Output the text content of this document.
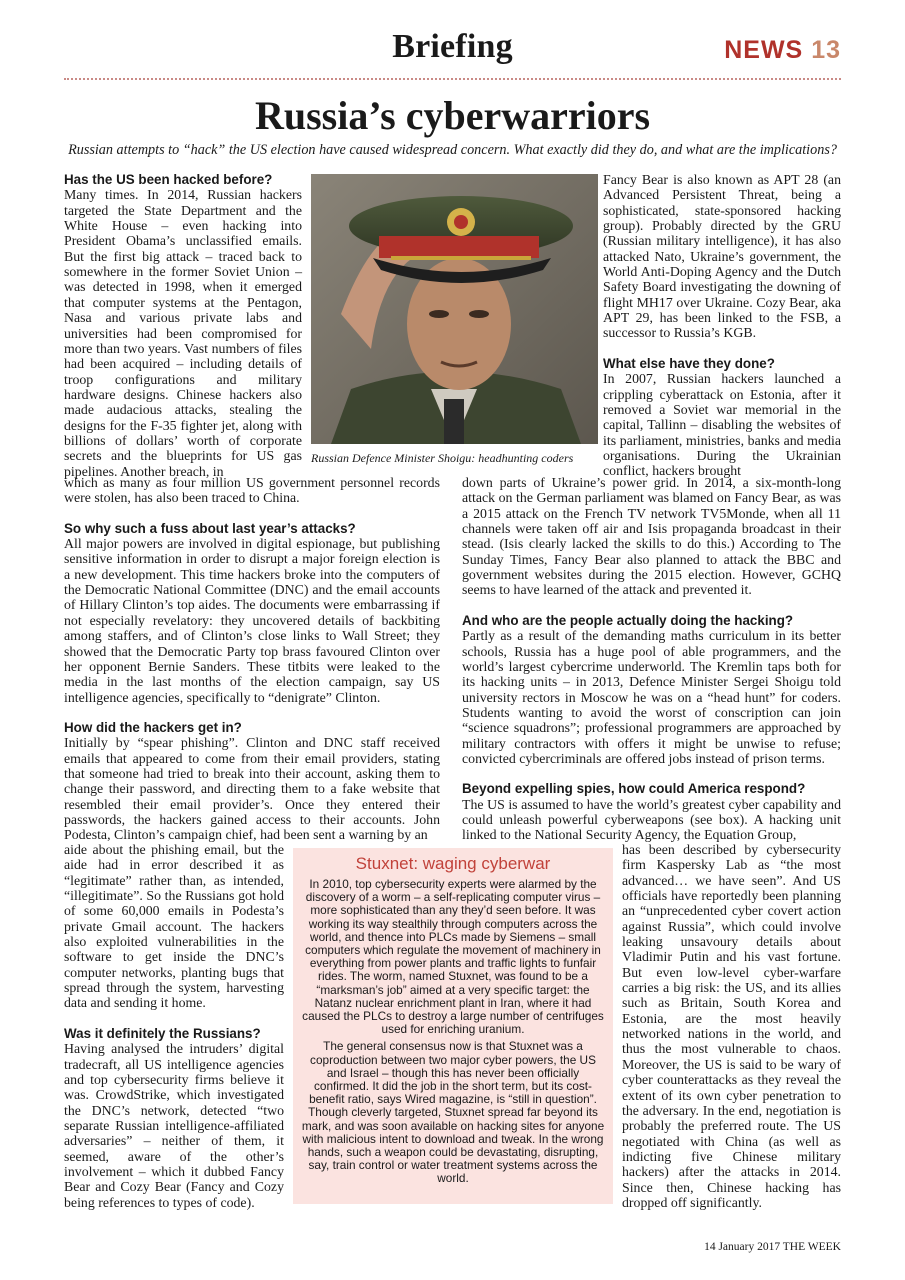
Briefing	NEWS 13
Russia’s cyberwarriors
Russian attempts to “hack” the US election have caused widespread concern. What exactly did they do, and what are the implications?

Has the US been hacked before?

Many times. In 2014, Russian hackers targeted the State Department and the White House – even hacking into President Obama’s unclassified emails. But the first big attack – traced back to somewhere in the former Soviet Union – was detected in 1998, when it emerged that computer systems at the Pentagon, Nasa and various private labs and universities had been compromised for more than two years. Vast numbers of files had been acquired – including details of troop configurations and military hardware designs. Chinese hackers also made audacious attacks, stealing the designs for the F-35 fighter jet, along with billions of dollars’ worth of corporate secrets and the blueprints for US gas pipelines. Another breach, in

Russian Defence Minister Shoigu: headhunting coders

Fancy Bear is also known as APT 28 (an Advanced Persistent Threat, being a sophisticated, state-sponsored hacking group). Probably directed by the GRU (Russian military intelligence), it has also attacked Nato, Ukraine’s government, the World Anti-Doping Agency and the Dutch Safety Board investigating the downing of flight MH17 over Ukraine. Cozy Bear, aka APT 29, has been linked to the FSB, a successor to Russia’s KGB.

What else have they done?

In 2007, Russian hackers launched a crippling cyberattack on Estonia, after it removed a Soviet war memorial in the capital, Tallinn – disabling the websites of its parliament, ministries, banks and media organisations. During the Ukrainian conflict, hackers brought

which as many as four million US government personnel records were stolen, has also been traced to China.

So why such a fuss about last year’s attacks?

All major powers are involved in digital espionage, but publishing sensitive information in order to disrupt a major foreign election is a new development. This time hackers broke into the computers of the Democratic National Committee (DNC) and the email accounts of Hillary Clinton’s top aides. The documents were embarrassing if not especially revelatory: they uncovered details of backbiting among staffers, and of Clinton’s close links to Wall Street; they showed that the Democratic Party top brass favoured Clinton over her opponent Bernie Sanders. These titbits were leaked to the media in the last months of the election campaign, say US intelligence agencies, specifically to “denigrate” Clinton.

How did the hackers get in?

Initially by “spear phishing”. Clinton and DNC staff received emails that appeared to come from their email providers, stating that someone had tried to break into their account, asking them to change their password, and directing them to a fake website that resembled their email provider’s. Once they entered their passwords, the hackers gained access to their accounts. John Podesta, Clinton’s campaign chief, had been sent a warning by an

down parts of Ukraine’s power grid. In 2014, a six-month-long attack on the German parliament was blamed on Fancy Bear, as was a 2015 attack on the French TV network TV5Monde, when all 11 channels were taken off air and Isis propaganda broadcast in their stead. (Isis clearly lacked the skills to do this.) According to The Sunday Times, Fancy Bear also planned to attack the BBC and government websites during the 2015 election. However, GCHQ seems to have learned of the attack and prevented it.

And who are the people actually doing the hacking?

Partly as a result of the demanding maths curriculum in its better schools, Russia has a huge pool of able programmers, and the world’s largest cybercrime underworld. The Kremlin taps both for its hacking units – in 2013, Defence Minister Sergei Shoigu told university rectors in Moscow he was on a “head hunt” for coders. Students wanting to avoid the worst of conscription can join “science squadrons”; professional programmers are approached by military contractors with offers it might be unwise to refuse; convicted cybercriminals are offered jobs instead of prison terms.

Beyond expelling spies, how could America respond?

The US is assumed to have the world’s greatest cyber capability and could unleash powerful cyberweapons (see box). A hacking unit linked to the National Security Agency, the Equation Group,

aide about the phishing email, but the aide had in error described it as “legitimate” rather than, as intended, “illegitimate”. So the Russians got hold of some 60,000 emails in Podesta’s private Gmail account. The hackers also exploited vulnerabilities in the software to get inside the DNC’s computer networks, planting bugs that spread through the system, harvesting data and sending it home.

Was it definitely the Russians?

Having analysed the intruders’ digital tradecraft, all US intelligence agencies and top cybersecurity firms believe it was. CrowdStrike, which investigated the DNC’s network, detected “two separate Russian intelligence-affiliated adversaries” – neither of them, it seemed, aware of the other’s involvement – which it dubbed Fancy Bear and Cozy Bear (Fancy and Cozy being references to types of code).

Stuxnet: waging cyberwar

In 2010, top cybersecurity experts were alarmed by the discovery of a worm – a self-replicating computer virus – more sophisticated than any they’d seen before. It was working its way stealthily through computers across the world, and thence into PLCs made by Siemens – small computers which regulate the movement of machinery in everything from power plants and traffic lights to funfair rides. The worm, named Stuxnet, was found to be a “marksman’s job” aimed at a very specific target: the Natanz nuclear enrichment plant in Iran, where it had caused the PLCs to destroy a large number of centrifuges used for enriching uranium.

The general consensus now is that Stuxnet was a coproduction between two major cyber powers, the US and Israel – though this has never been officially confirmed. It did the job in the short term, but its cost-benefit ratio, says Wired magazine, is “still in question”. Though cleverly targeted, Stuxnet spread far beyond its mark, and was soon available on hacking sites for anyone with malicious intent to download and tweak. In the wrong hands, such a weapon could be devastating, disrupting, say, train control or water treatment systems across the world.

has been described by cybersecurity firm Kaspersky Lab as “the most advanced… we have seen”. And US officials have reportedly been planning an “unprecedented cyber covert action against Russia”, which could involve leaking unsavoury details about Vladimir Putin and his vast fortune. But even low-level cyber-warfare carries a big risk: the US, and its allies such as Britain, South Korea and Estonia, are the most heavily networked nations in the world, and thus the most vulnerable to chaos. Moreover, the US is said to be wary of cyber counterattacks as they reveal the extent of its own cyber penetration to the adversary. In the end, negotiation is probably the preferred route. The US negotiated with China (as well as indicting five Chinese military hackers) after the attacks in 2014. Since then, Chinese hacking has dropped off significantly.

14 January 2017 THE WEEK
